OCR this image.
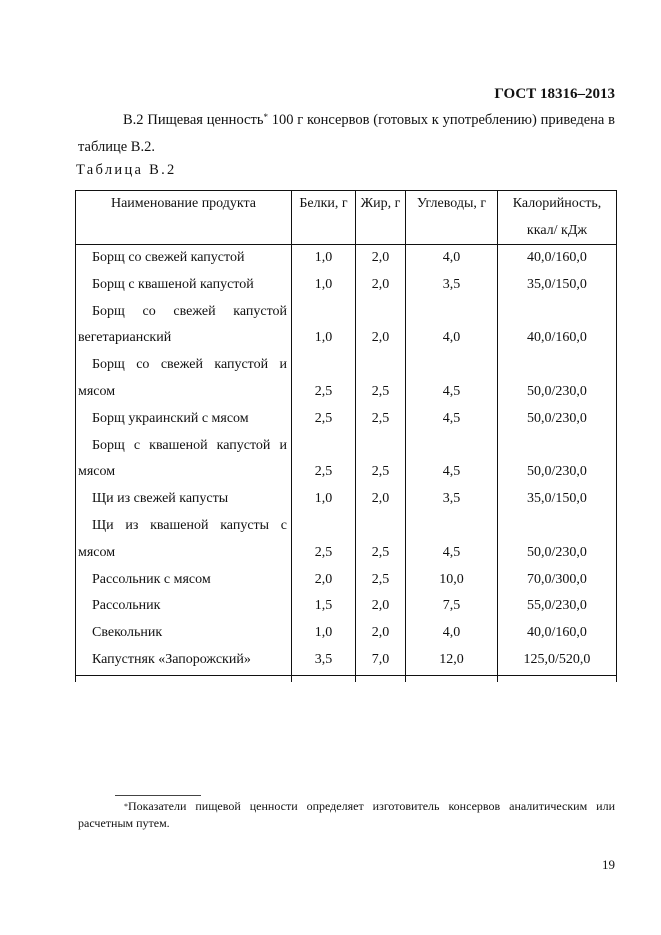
ГОСТ 18316–2013
В.2 Пищевая ценность* 100 г консервов (готовых к употреблению) приведена в таблице В.2.
Таблица В.2
Наименование продукта	Белки, г	Жир, г	Углеводы, г	Калорийность, ккал/ кДж

Борщ со свежей капустой	1,0	2,0	4,0	40,0/160,0

Борщ с квашеной капустой	1,0	2,0	3,5	35,0/150,0

Борщ со свежей капустой
вегетарианский	1,0	2,0	4,0	40,0/160,0

Борщ со свежей капустой и
мясом	2,5	2,5	4,5	50,0/230,0

Борщ украинский с мясом	2,5	2,5	4,5	50,0/230,0

Борщ с квашеной капустой и
мясом	2,5	2,5	4,5	50,0/230,0

Щи из свежей капусты	1,0	2,0	3,5	35,0/150,0

Щи из квашеной капусты с
мясом	2,5	2,5	4,5	50,0/230,0

Рассольник с мясом	2,0	2,5	10,0	70,0/300,0

Рассольник	1,5	2,0	7,5	55,0/230,0

Свекольник	1,0	2,0	4,0	40,0/160,0

Капустняк «Запорожский»	3,5	7,0	12,0	125,0/520,0
*Показатели пищевой ценности определяет изготовитель консервов аналитическим или расчетным путем.
19
